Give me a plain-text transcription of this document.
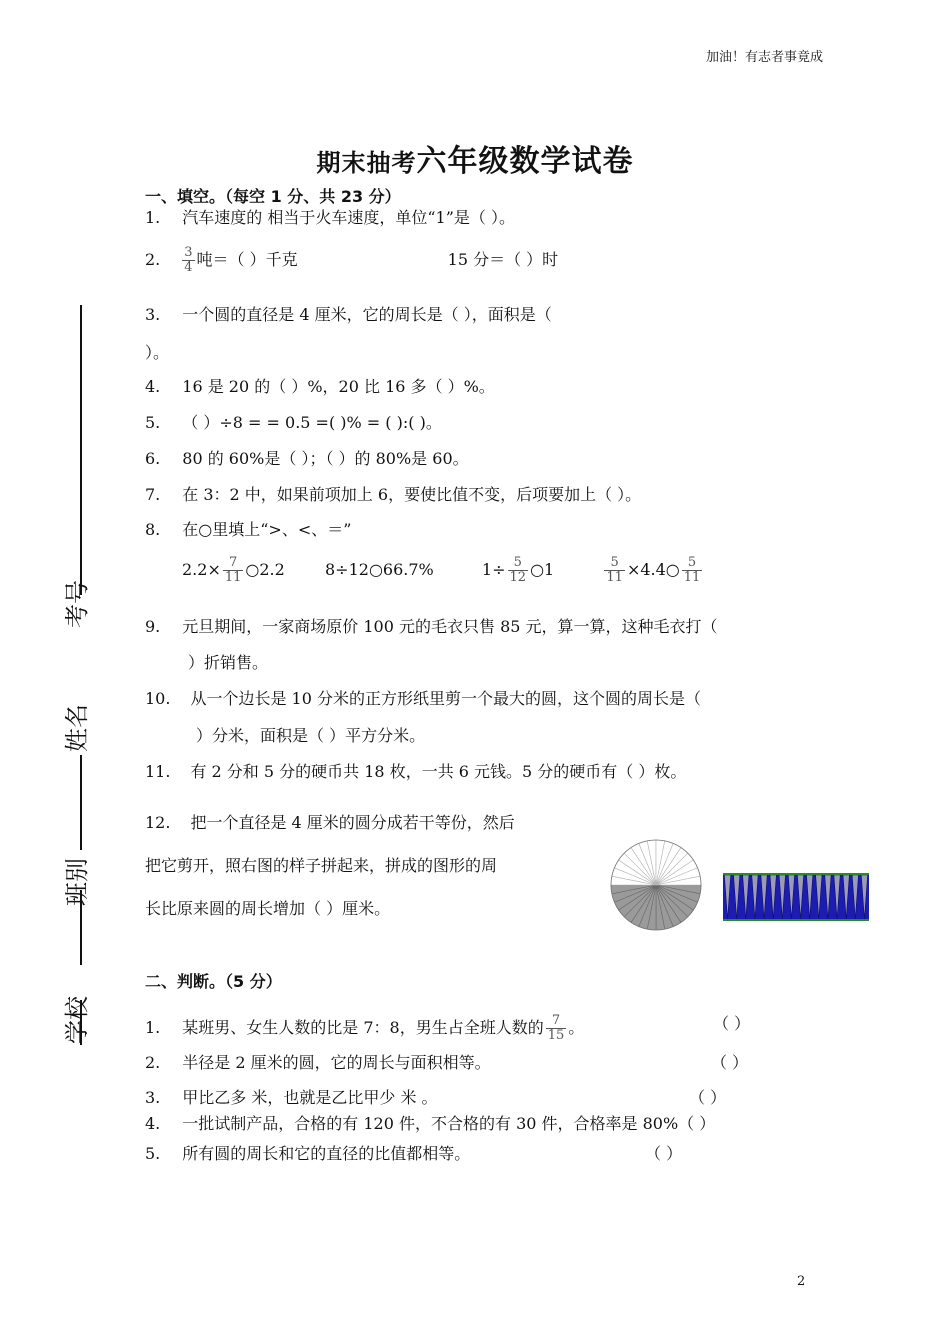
加油！有志者事竟成
期末抽考六年级数学试卷
考号
姓名
班别
学校
一、填空。（每空 1 分、共 23 分）
1. 汽车速度的 相当于火车速度，单位“1”是（ ）。
2. $\frac{3}{4}$ 吨＝（ ）千克	15 分＝（ ）时
3. 一个圆的直径是 4 厘米，它的周长是（ ），面积是（
）。
4. 16 是 20 的（ ）%，20 比 16 多（ ）%。
5. （ ）÷8 = = 0.5 =( )% = ( ):( )。
6. 80 的 60%是（ ）；（ ）的 80%是 60。
7. 在 3：2 中，如果前项加上 6，要使比值不变，后项要加上（ ）。
8. 在○里填上“>、<、＝”
$2.2\times \frac{7}{11}$ ○2.2	8÷12○66.7%	$1\div \frac{5}{12}$ ○1	$\frac{5}{11}$ ×4.4○ $\frac{5}{11}$
9. 元旦期间，一家商场原价 100 元的毛衣只售 85 元，算一算，这种毛衣打（
）折销售。
10. 从一个边长是 10 分米的正方形纸里剪一个最大的圆，这个圆的周长是（
）分米，面积是（ ）平方分米。
11. 有 2 分和 5 分的硬币共 18 枚，一共 6 元钱。5 分的硬币有（ ）枚。
12. 把一个直径是 4 厘米的圆分成若干等份，然后
把它剪开，照右图的样子拼起来，拼成的图形的周
长比原来圆的周长增加（ ）厘米。
二、判断。（5 分）
1. 某班男、女生人数的比是 7：8，男生占全班人数的 $\frac{7}{15}$ 。	（ ）
2. 半径是 2 厘米的圆，它的周长与面积相等。	（ ）
3. 甲比乙多 米，也就是乙比甲少 米 。	（ ）
4. 一批试制产品，合格的有 120 件，不合格的有 30 件，合格率是 80%（ ）
5. 所有圆的周长和它的直径的比值都相等。	（ ）
2
